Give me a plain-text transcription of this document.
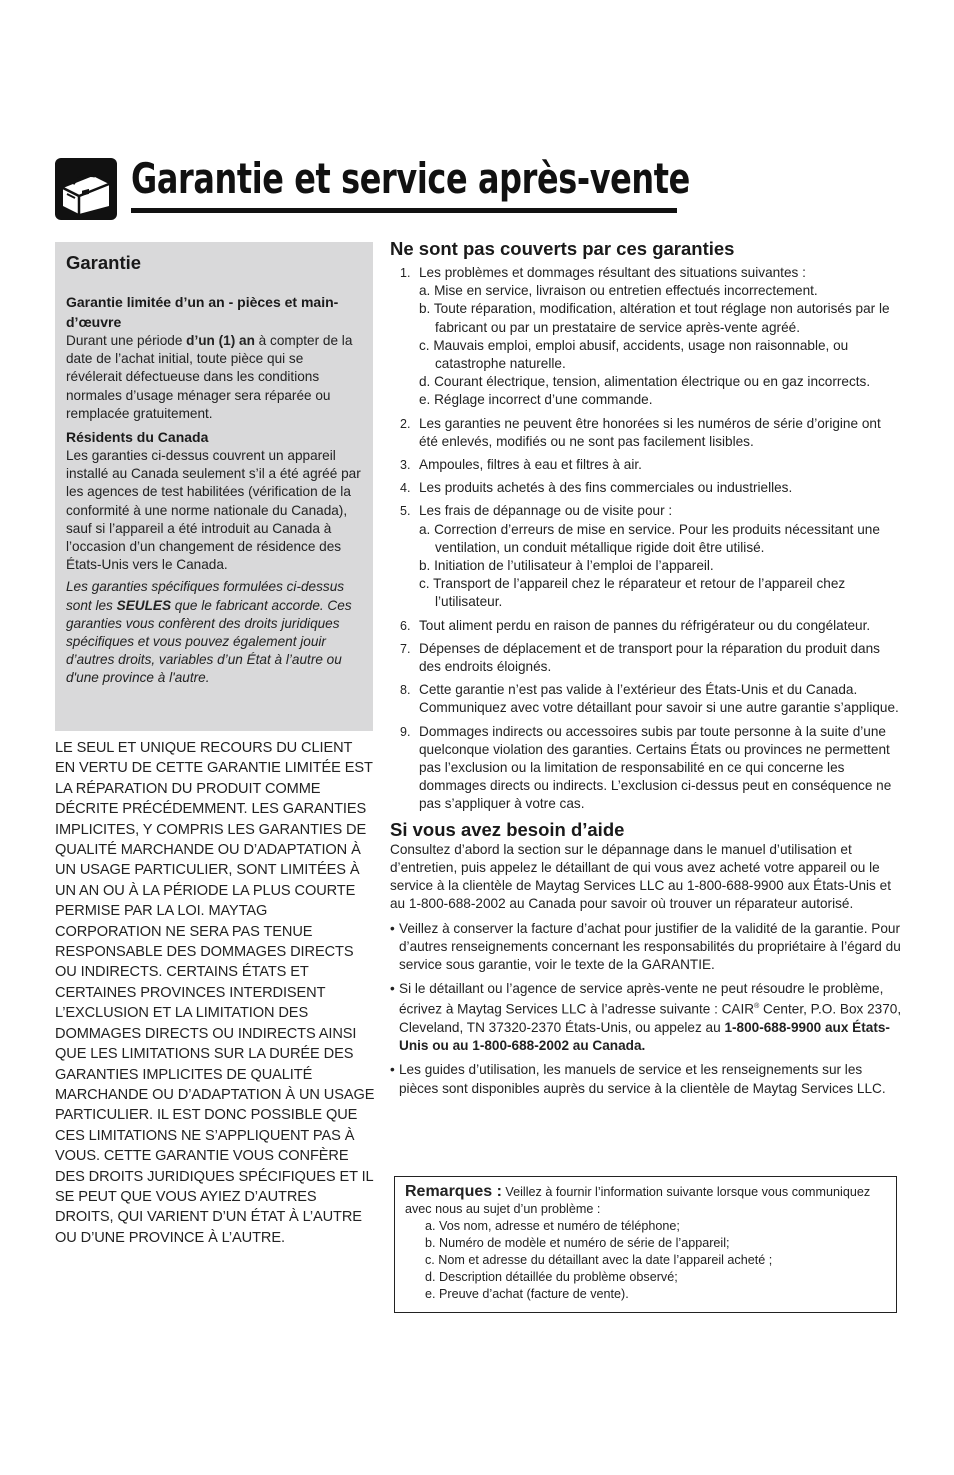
Garantie et service après-vente
Garantie
Garantie limitée d’un an - pièces et main-d’œuvre
Durant une période d’un (1) an à compter de la date de l’achat initial, toute pièce qui se révélerait défectueuse dans les conditions normales d’usage ménager sera réparée ou remplacée gratuitement.
Résidents du Canada
Les garanties ci-dessus couvrent un appareil installé au Canada seulement s’il a été agréé par les agences de test habilitées (vérification de la conformité à une norme nationale du Canada), sauf si l’appareil a été introduit au Canada à l’occasion d’un changement de résidence des États-Unis vers le Canada.
Les garanties spécifiques formulées ci-dessus sont les SEULES que le fabricant accorde. Ces garanties vous confèrent des droits juridiques spécifiques et vous pouvez également jouir d’autres droits, variables d’un État à l’autre ou d'une province à l'autre.
LE SEUL ET UNIQUE RECOURS DU CLIENT EN VERTU DE CETTE GARANTIE LIMITÉE EST LA RÉPARATION DU PRODUIT COMME DÉCRITE PRÉCÉDEMMENT. LES GARANTIES IMPLICITES, Y COMPRIS LES GARANTIES DE QUALITÉ MARCHANDE OU D’ADAPTATION À UN USAGE PARTICULIER, SONT LIMITÉES À UN AN OU À LA PÉRIODE LA PLUS COURTE PERMISE PAR LA LOI. MAYTAG CORPORATION NE SERA PAS TENUE RESPONSABLE DES DOMMAGES DIRECTS OU INDIRECTS. CERTAINS ÉTATS ET CERTAINES PROVINCES INTERDISENT L’EXCLUSION ET LA LIMITATION DES DOMMAGES DIRECTS OU INDIRECTS AINSI QUE LES LIMITATIONS SUR LA DURÉE DES GARANTIES IMPLICITES DE QUALITÉ MARCHANDE OU D’ADAPTATION À UN USAGE PARTICULIER. IL EST DONC POSSIBLE QUE CES LIMITATIONS NE S’APPLIQUENT PAS À VOUS. CETTE GARANTIE VOUS CONFÈRE DES DROITS JURIDIQUES SPÉCIFIQUES ET IL SE PEUT QUE VOUS AYIEZ D’AUTRES DROITS, QUI VARIENT D’UN ÉTAT À L’AUTRE OU D’UNE PROVINCE À L’AUTRE.
Ne sont pas couverts par ces garanties
1. Les problèmes et dommages résultant des situations suivantes :
a. Mise en service, livraison ou entretien effectués incorrectement.
b. Toute réparation, modification, altération et tout réglage non autorisés par le fabricant ou par un prestataire de service après-vente agréé.
c. Mauvais emploi, emploi abusif, accidents, usage non raisonnable, ou catastrophe naturelle.
d. Courant électrique, tension, alimentation électrique ou en gaz incorrects.
e. Réglage incorrect d’une commande.
2. Les garanties ne peuvent être honorées si les numéros de série d’origine ont été enlevés, modifiés ou ne sont pas facilement lisibles.
3. Ampoules, filtres à eau et filtres à air.
4. Les produits achetés à des fins commerciales ou industrielles.
5. Les frais de dépannage ou de visite pour :
a. Correction d’erreurs de mise en service. Pour les produits nécessitant une ventilation, un conduit métallique rigide doit être utilisé.
b. Initiation de l’utilisateur à l’emploi de l’appareil.
c. Transport de l’appareil chez le réparateur et retour de l’appareil chez l’utilisateur.
6. Tout aliment perdu en raison de pannes du réfrigérateur ou du congélateur.
7. Dépenses de déplacement et de transport pour la réparation du produit dans des endroits éloignés.
8. Cette garantie n’est pas valide à l’extérieur des États-Unis et du Canada. Communiquez avec votre détaillant pour savoir si une autre garantie s’applique.
9. Dommages indirects ou accessoires subis par toute personne à la suite d’une quelconque violation des garanties. Certains États ou provinces ne permettent pas l’exclusion ou la limitation de responsabilité en ce qui concerne les dommages directs ou indirects. L’exclusion ci-dessus peut en conséquence ne pas s’appliquer à votre cas.
Si vous avez besoin d’aide
Consultez d’abord la section sur le dépannage dans le manuel d’utilisation et d’entretien, puis appelez le détaillant de qui vous avez acheté votre appareil ou le service à la clientèle de Maytag Services LLC au 1-800-688-9900 aux États-Unis et au 1-800-688-2002 au Canada pour savoir où trouver un réparateur autorisé.
• Veillez à conserver la facture d’achat pour justifier de la validité de la garantie. Pour d’autres renseignements concernant les responsabilités du propriétaire à l’égard du service sous garantie, voir le texte de la GARANTIE.
• Si le détaillant ou l’agence de service après-vente ne peut résoudre le problème, écrivez à Maytag Services LLC à l’adresse suivante : CAIR® Center, P.O. Box 2370, Cleveland, TN 37320-2370 États-Unis, ou appelez au 1-800-688-9900 aux États-Unis ou au 1-800-688-2002 au Canada.
• Les guides d’utilisation, les manuels de service et les renseignements sur les pièces sont disponibles auprès du service à la clientèle de Maytag Services LLC.
Remarques : Veillez à fournir l’information suivante lorsque vous communiquez avec nous au sujet d’un problème :
a. Vos nom, adresse et numéro de téléphone;
b. Numéro de modèle et numéro de série de l’appareil;
c. Nom et adresse du détaillant avec la date l’appareil acheté ;
d. Description détaillée du problème observé;
e. Preuve d’achat (facture de vente).
